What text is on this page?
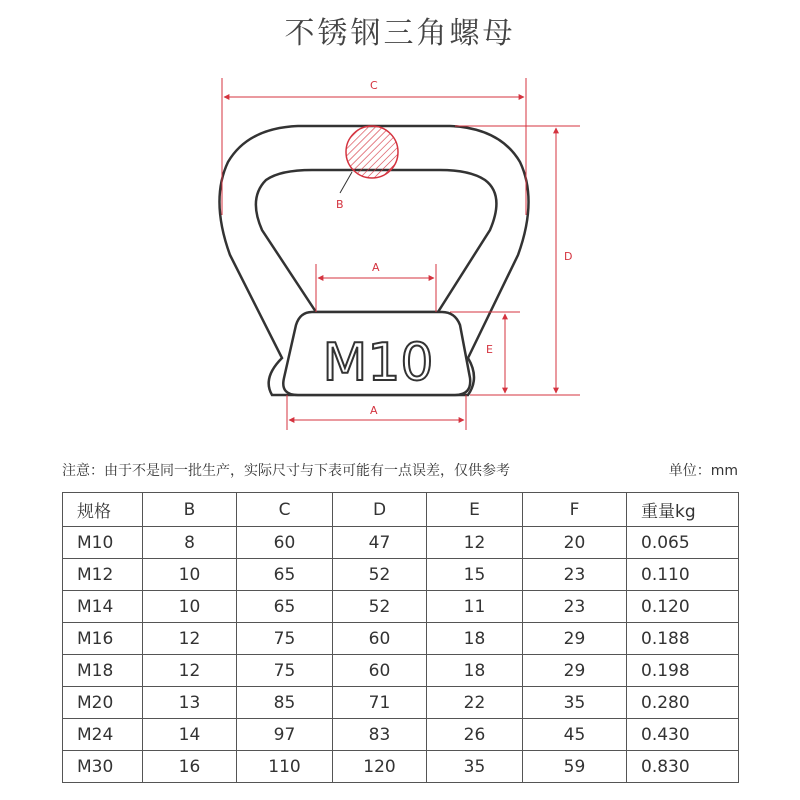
不锈钢三角螺母
M10
B
C
D
E
A
A
注意：由于不是同一批生产，实际尺寸与下表可能有一点误差，仅供参考	单位：mm
规格	B	C	D	E	F	重量kg
M10	8	60	47	12	20	0.065
M12	10	65	52	15	23	0.110
M14	10	65	52	11	23	0.120
M16	12	75	60	18	29	0.188
M18	12	75	60	18	29	0.198
M20	13	85	71	22	35	0.280
M24	14	97	83	26	45	0.430
M30	16	110	120	35	59	0.830
